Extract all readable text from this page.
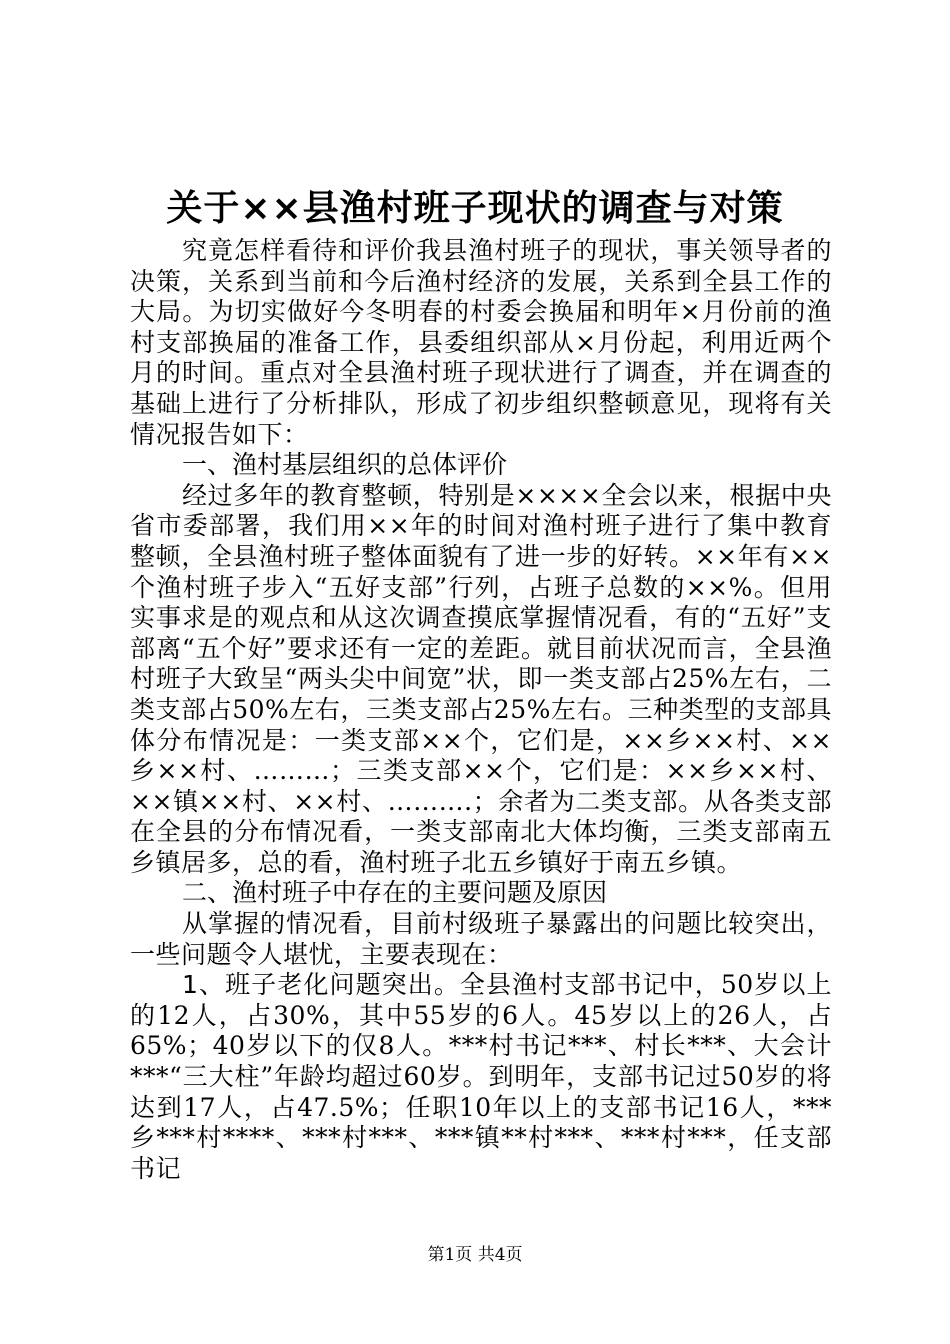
关于××县渔村班子现状的调查与对策

究竟怎样看待和评价我县渔村班子的现状，事关领导者的决策，关系到当前和今后渔村经济的发展，关系到全县工作的大局。为切实做好今冬明春的村委会换届和明年×月份前的渔村支部换届的准备工作，县委组织部从×月份起，利用近两个月的时间。重点对全县渔村班子现状进行了调查，并在调查的基础上进行了分析排队，形成了初步组织整顿意见，现将有关情况报告如下：

一、渔村基层组织的总体评价

经过多年的教育整顿，特别是××××全会以来，根据中央省市委部署，我们用××年的时间对渔村班子进行了集中教育整顿，全县渔村班子整体面貌有了进一步的好转。××年有××个渔村班子步入“五好支部”行列，占班子总数的××%。但用实事求是的观点和从这次调查摸底掌握情况看，有的“五好”支部离“五个好”要求还有一定的差距。就目前状况而言，全县渔村班子大致呈“两头尖中间宽”状，即一类支部占25%左右，二类支部占50%左右，三类支部占25%左右。三种类型的支部具体分布情况是：一类支部××个，它们是，××乡××村、××乡××村、………；三类支部××个，它们是：××乡××村、××镇××村、××村、……….；余者为二类支部。从各类支部在全县的分布情况看，一类支部南北大体均衡，三类支部南五乡镇居多，总的看，渔村班子北五乡镇好于南五乡镇。

二、渔村班子中存在的主要问题及原因

从掌握的情况看，目前村级班子暴露出的问题比较突出，一些问题令人堪忧，主要表现在：

1、班子老化问题突出。全县渔村支部书记中，50岁以上的12人，占30%，其中55岁的6人。45岁以上的26人，占65%；40岁以下的仅8人。***村书记***、村长***、大会计***“三大柱”年龄均超过60岁。到明年，支部书记过50岁的将达到17人，占47.5%；任职10年以上的支部书记16人，***乡***村****、***村***、***镇**村***、***村***，任支部书记

第1页 共4页
